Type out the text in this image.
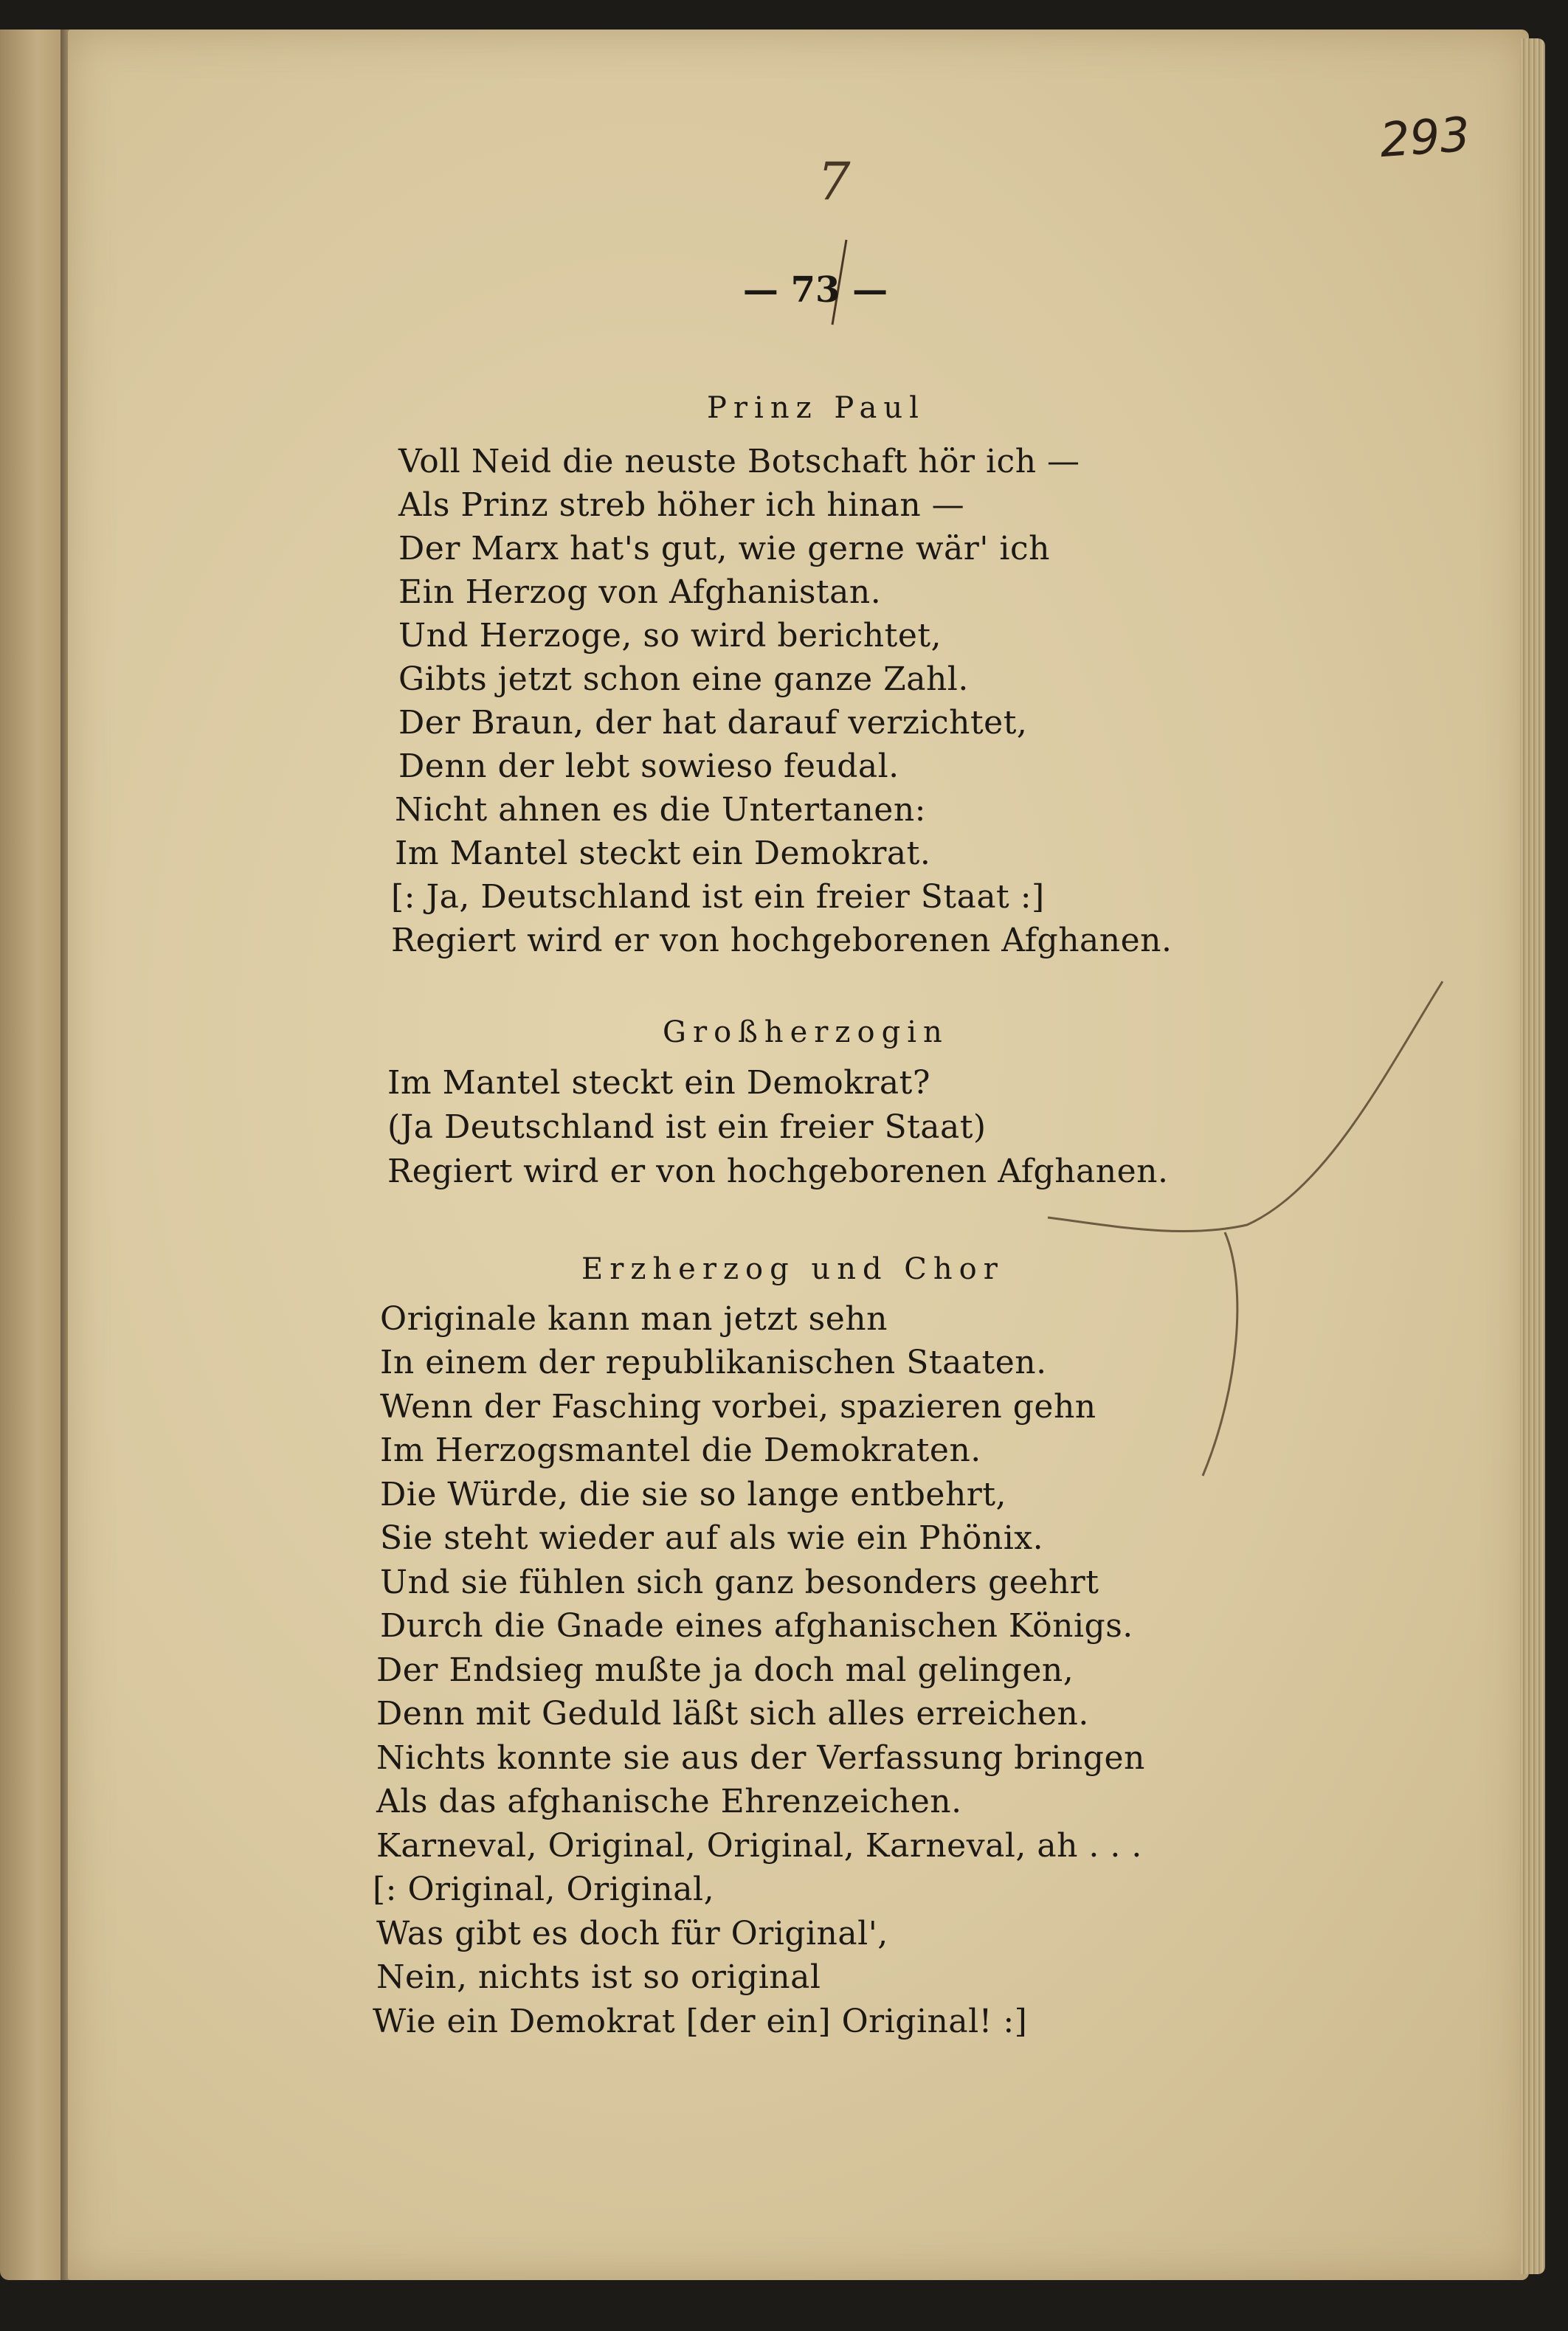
293
7
— 73 —
Prinz Paul
Voll Neid die neuste Botschaft hör ich —
Als Prinz streb höher ich hinan —
Der Marx hat's gut, wie gerne wär' ich
Ein Herzog von Afghanistan.
Und Herzoge, so wird berichtet,
Gibts jetzt schon eine ganze Zahl.
Der Braun, der hat darauf verzichtet,
Denn der lebt sowieso feudal.
Nicht ahnen es die Untertanen:
Im Mantel steckt ein Demokrat.
[: Ja, Deutschland ist ein freier Staat :]
Regiert wird er von hochgeborenen Afghanen.
Großherzogin
Im Mantel steckt ein Demokrat?
(Ja Deutschland ist ein freier Staat)
Regiert wird er von hochgeborenen Afghanen.
Erzherzog und Chor
Originale kann man jetzt sehn
In einem der republikanischen Staaten.
Wenn der Fasching vorbei, spazieren gehn
Im Herzogsmantel die Demokraten.
Die Würde, die sie so lange entbehrt,
Sie steht wieder auf als wie ein Phönix.
Und sie fühlen sich ganz besonders geehrt
Durch die Gnade eines afghanischen Königs.
Der Endsieg mußte ja doch mal gelingen,
Denn mit Geduld läßt sich alles erreichen.
Nichts konnte sie aus der Verfassung bringen
Als das afghanische Ehrenzeichen.
Karneval, Original, Original, Karneval, ah . . .
[: Original, Original,
Was gibt es doch für Original',
Nein, nichts ist so original
Wie ein Demokrat [der ein] Original! :]
